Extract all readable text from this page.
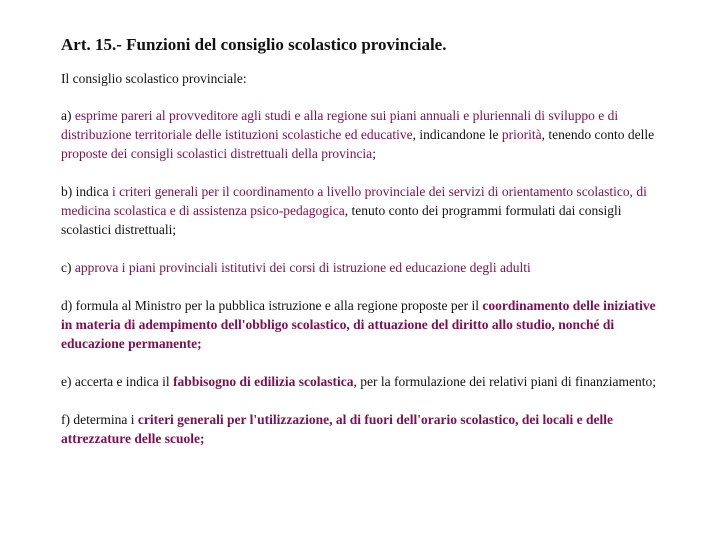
Art. 15.- Funzioni del consiglio scolastico provinciale.
Il consiglio scolastico provinciale:
a) esprime pareri al provveditore agli studi e alla regione sui piani annuali e pluriennali di sviluppo e di distribuzione territoriale delle istituzioni scolastiche ed educative, indicandone le priorità, tenendo conto delle proposte dei consigli scolastici distrettuali della provincia;
b) indica i criteri generali per il coordinamento a livello provinciale dei servizi di orientamento scolastico, di medicina scolastica e di assistenza psico-pedagogica, tenuto conto dei programmi formulati dai consigli scolastici distrettuali;
c) approva i piani provinciali istitutivi dei corsi di istruzione ed educazione degli adulti
d) formula al Ministro per la pubblica istruzione e alla regione proposte per il coordinamento delle iniziative in materia di adempimento dell'obbligo scolastico, di attuazione del diritto allo studio, nonché di educazione permanente;
e) accerta e indica il fabbisogno di edilizia scolastica, per la formulazione dei relativi piani di finanziamento;
f) determina i criteri generali per l'utilizzazione, al di fuori dell'orario scolastico, dei locali e delle attrezzature delle scuole;
